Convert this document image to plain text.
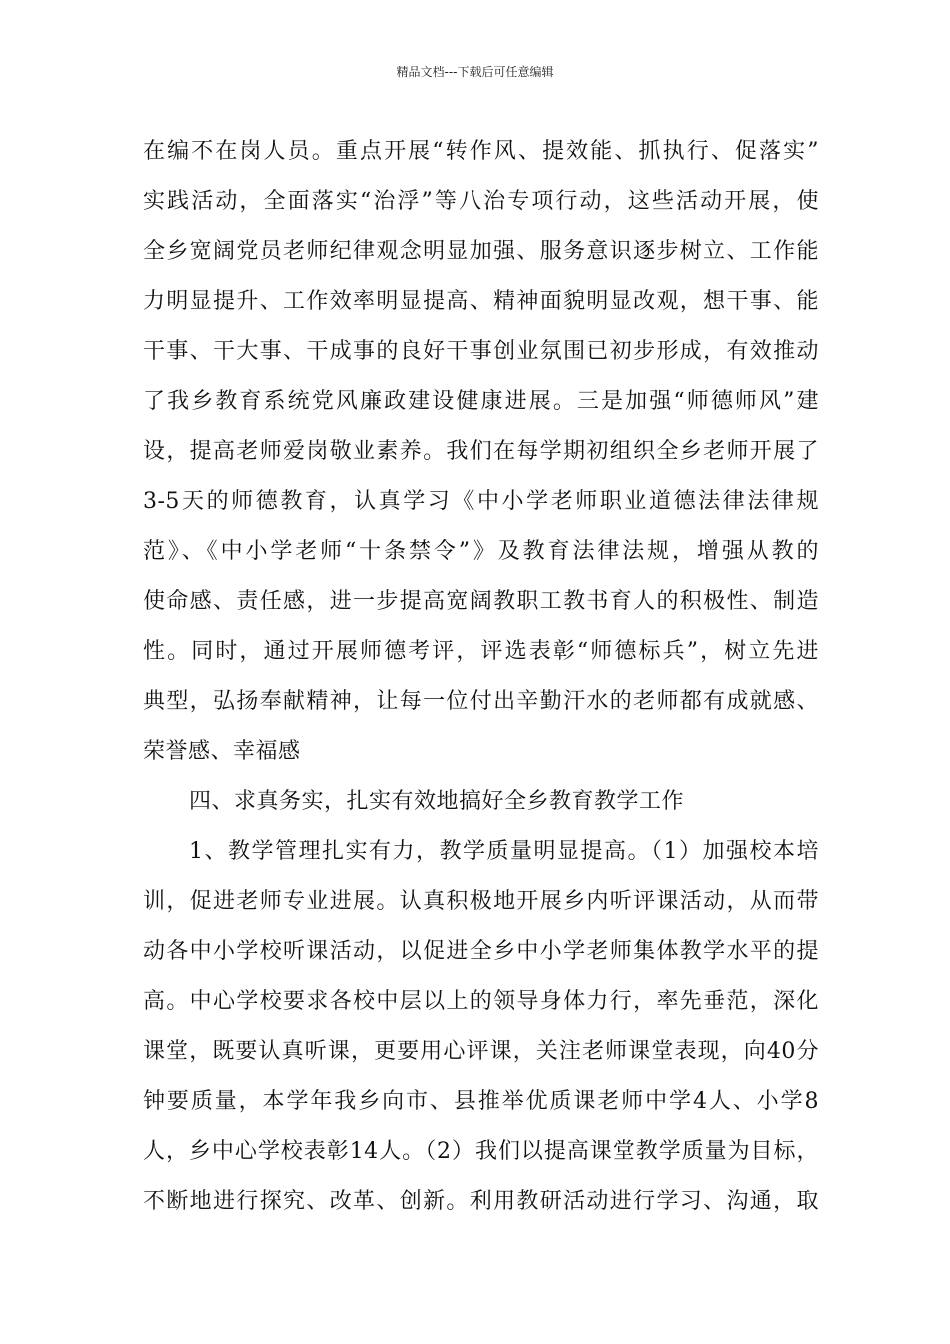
精品文档---下载后可任意编辑
在编不在岗人员。重点开展“转作风、提效能、抓执行、促落实”
实践活动，全面落实“治浮”等八治专项行动，这些活动开展，使
全乡宽阔党员老师纪律观念明显加强、服务意识逐步树立、工作能
力明显提升、工作效率明显提高、精神面貌明显改观，想干事、能
干事、干大事、干成事的良好干事创业氛围已初步形成，有效推动
了我乡教育系统党风廉政建设健康进展。三是加强“师德师风”建
设，提高老师爱岗敬业素养。我们在每学期初组织全乡老师开展了
3-5天的师德教育，认真学习《中小学老师职业道德法律法律规
范》、《中小学老师“十条禁令”》及教育法律法规，增强从教的
使命感、责任感，进一步提高宽阔教职工教书育人的积极性、制造
性。同时，通过开展师德考评，评选表彰“师德标兵”，树立先进
典型，弘扬奉献精神，让每一位付出辛勤汗水的老师都有成就感、
荣誉感、幸福感
四、求真务实，扎实有效地搞好全乡教育教学工作
1、教学管理扎实有力，教学质量明显提高。（1）加强校本培
训，促进老师专业进展。认真积极地开展乡内听评课活动，从而带
动各中小学校听课活动，以促进全乡中小学老师集体教学水平的提
高。中心学校要求各校中层以上的领导身体力行，率先垂范，深化
课堂，既要认真听课，更要用心评课，关注老师课堂表现，向40分
钟要质量，本学年我乡向市、县推举优质课老师中学4人、小学8
人，乡中心学校表彰14人。（2）我们以提高课堂教学质量为目标，
不断地进行探究、改革、创新。利用教研活动进行学习、沟通，取
